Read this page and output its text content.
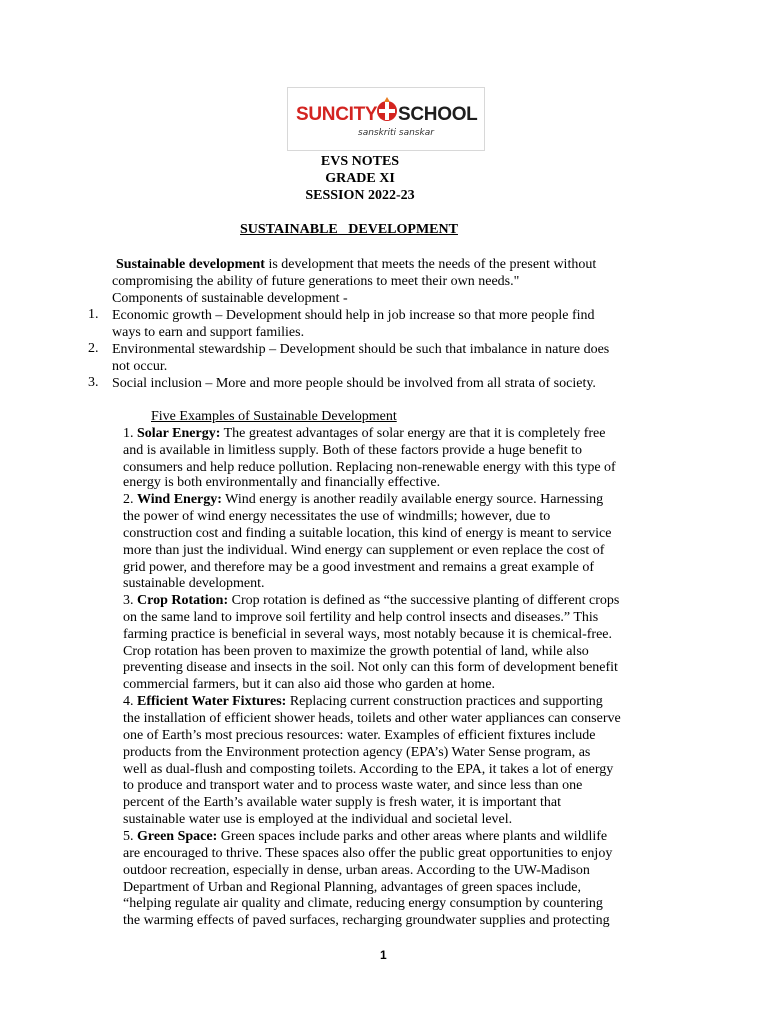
SUNCITY SCHOOL
sanskriti sanskar
EVS NOTES
GRADE XI
SESSION 2022-23
SUSTAINABLE   DEVELOPMENT
Sustainable development is development that meets the needs of the present without
compromising the ability of future generations to meet their own needs."
Components of sustainable development -
1. Economic growth – Development should help in job increase so that more people find
ways to earn and support families.
2. Environmental stewardship – Development should be such that imbalance in nature does
not occur.
3. Social inclusion – More and more people should be involved from all strata of society.
Five Examples of Sustainable Development
1. Solar Energy: The greatest advantages of solar energy are that it is completely free
and is available in limitless supply. Both of these factors provide a huge benefit to
consumers and help reduce pollution. Replacing non-renewable energy with this type of
energy is both environmentally and financially effective.
2. Wind Energy: Wind energy is another readily available energy source. Harnessing
the power of wind energy necessitates the use of windmills; however, due to
construction cost and finding a suitable location, this kind of energy is meant to service
more than just the individual. Wind energy can supplement or even replace the cost of
grid power, and therefore may be a good investment and remains a great example of
sustainable development.
3. Crop Rotation: Crop rotation is defined as “the successive planting of different crops
on the same land to improve soil fertility and help control insects and diseases.” This
farming practice is beneficial in several ways, most notably because it is chemical-free.
Crop rotation has been proven to maximize the growth potential of land, while also
preventing disease and insects in the soil. Not only can this form of development benefit
commercial farmers, but it can also aid those who garden at home.
4. Efficient Water Fixtures: Replacing current construction practices and supporting
the installation of efficient shower heads, toilets and other water appliances can conserve
one of Earth’s most precious resources: water. Examples of efficient fixtures include
products from the Environment protection agency (EPA’s) Water Sense program, as
well as dual-flush and composting toilets. According to the EPA, it takes a lot of energy
to produce and transport water and to process waste water, and since less than one
percent of the Earth’s available water supply is fresh water, it is important that
sustainable water use is employed at the individual and societal level.
5. Green Space: Green spaces include parks and other areas where plants and wildlife
are encouraged to thrive. These spaces also offer the public great opportunities to enjoy
outdoor recreation, especially in dense, urban areas. According to the UW-Madison
Department of Urban and Regional Planning, advantages of green spaces include,
“helping regulate air quality and climate, reducing energy consumption by countering
the warming effects of paved surfaces, recharging groundwater supplies and protecting
1
